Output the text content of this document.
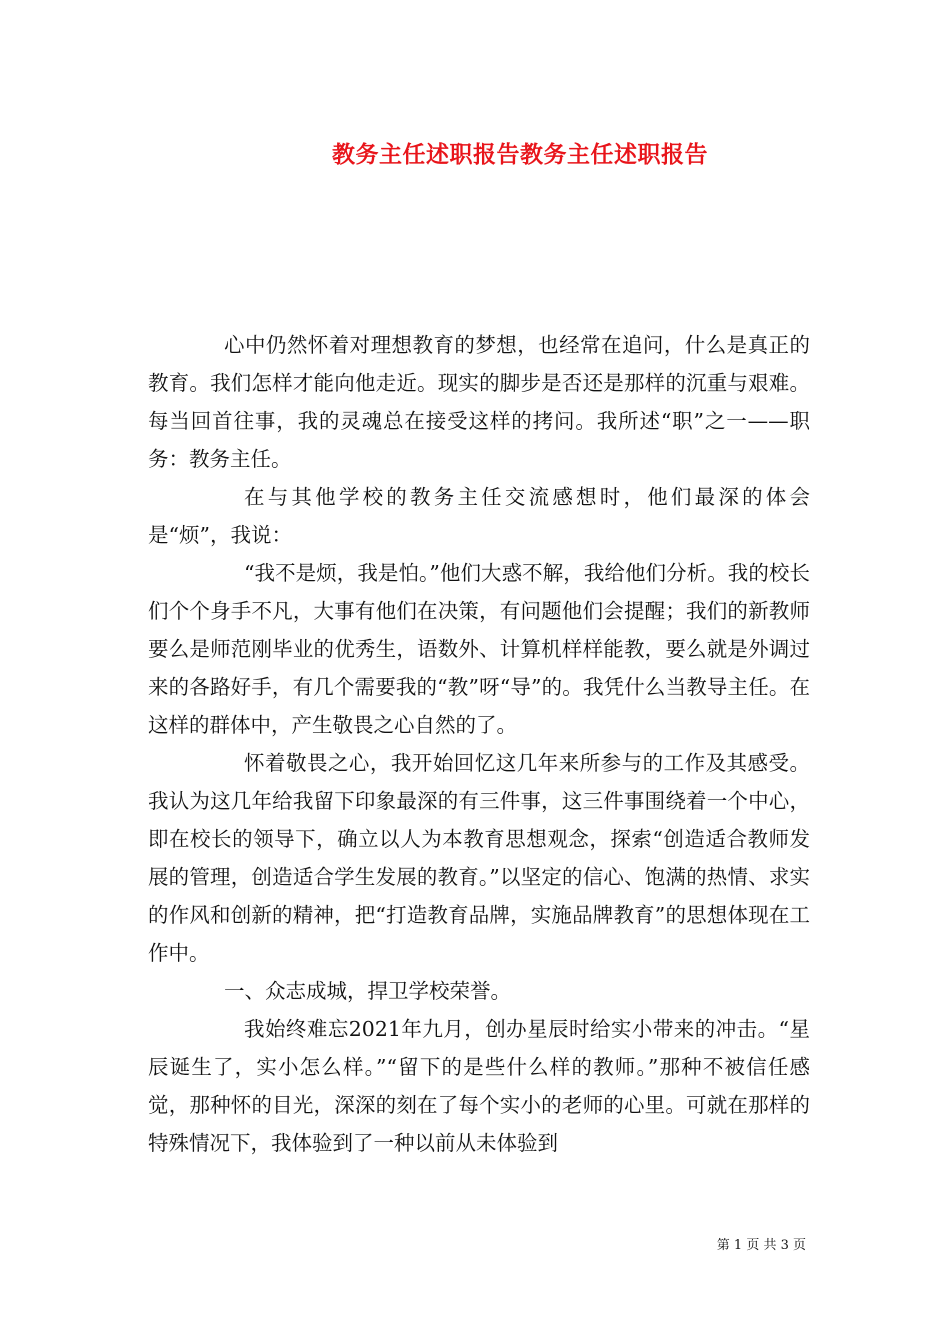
教务主任述职报告教务主任述职报告

心中仍然怀着对理想教育的梦想，也经常在追问，什么是真正的教育。我们怎样才能向他走近。现实的脚步是否还是那样的沉重与艰难。每当回首往事，我的灵魂总在接受这样的拷问。我所述“职”之一——职务：教务主任。

在与其他学校的教务主任交流感想时，他们最深的体会是“烦”，我说：

“我不是烦，我是怕。”他们大惑不解，我给他们分析。我的校长们个个身手不凡，大事有他们在决策，有问题他们会提醒；我们的新教师要么是师范刚毕业的优秀生，语数外、计算机样样能教，要么就是外调过来的各路好手，有几个需要我的“教”呀“导”的。我凭什么当教导主任。在这样的群体中，产生敬畏之心自然的了。

怀着敬畏之心，我开始回忆这几年来所参与的工作及其感受。我认为这几年给我留下印象最深的有三件事，这三件事围绕着一个中心，即在校长的领导下，确立以人为本教育思想观念，探索“创造适合教师发展的管理，创造适合学生发展的教育。”以坚定的信心、饱满的热情、求实的作风和创新的精神，把“打造教育品牌，实施品牌教育”的思想体现在工作中。

一、众志成城，捍卫学校荣誉。

我始终难忘2021年九月，创办星辰时给实小带来的冲击。“星辰诞生了，实小怎么样。”“留下的是些什么样的教师。”那种不被信任感觉，那种怀的目光，深深的刻在了每个实小的老师的心里。可就在那样的特殊情况下，我体验到了一种以前从未体验到

第 1 页 共 3 页
